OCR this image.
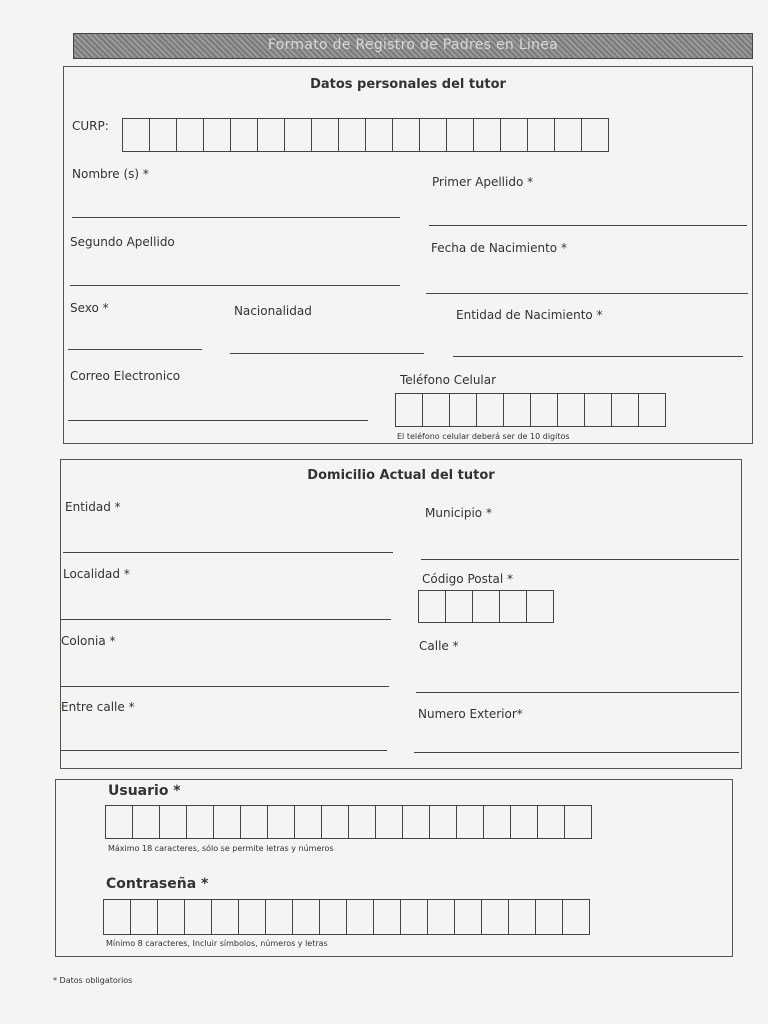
Formato de Registro de Padres en Linea
Datos personales del tutor
CURP:
Nombre (s) *
Primer Apellido *
Segundo Apellido	Fecha de Nacimiento *
Sexo *	Nacionalidad	Entidad de Nacimiento *
Correo Electronico	Teléfono Celular
El teléfono celular deberá ser de 10 digitos
Domicilio Actual del tutor
Entidad *	Municipio *
Localidad *	Código Postal *
Colonia *	Calle *
Entre calle *	Numero Exterior*
Usuario *
Máximo 18 caracteres, sólo se permite letras y números
Contraseña *
Mínimo 8 caracteres, Incluir símbolos, números y letras
* Datos obligatorios
